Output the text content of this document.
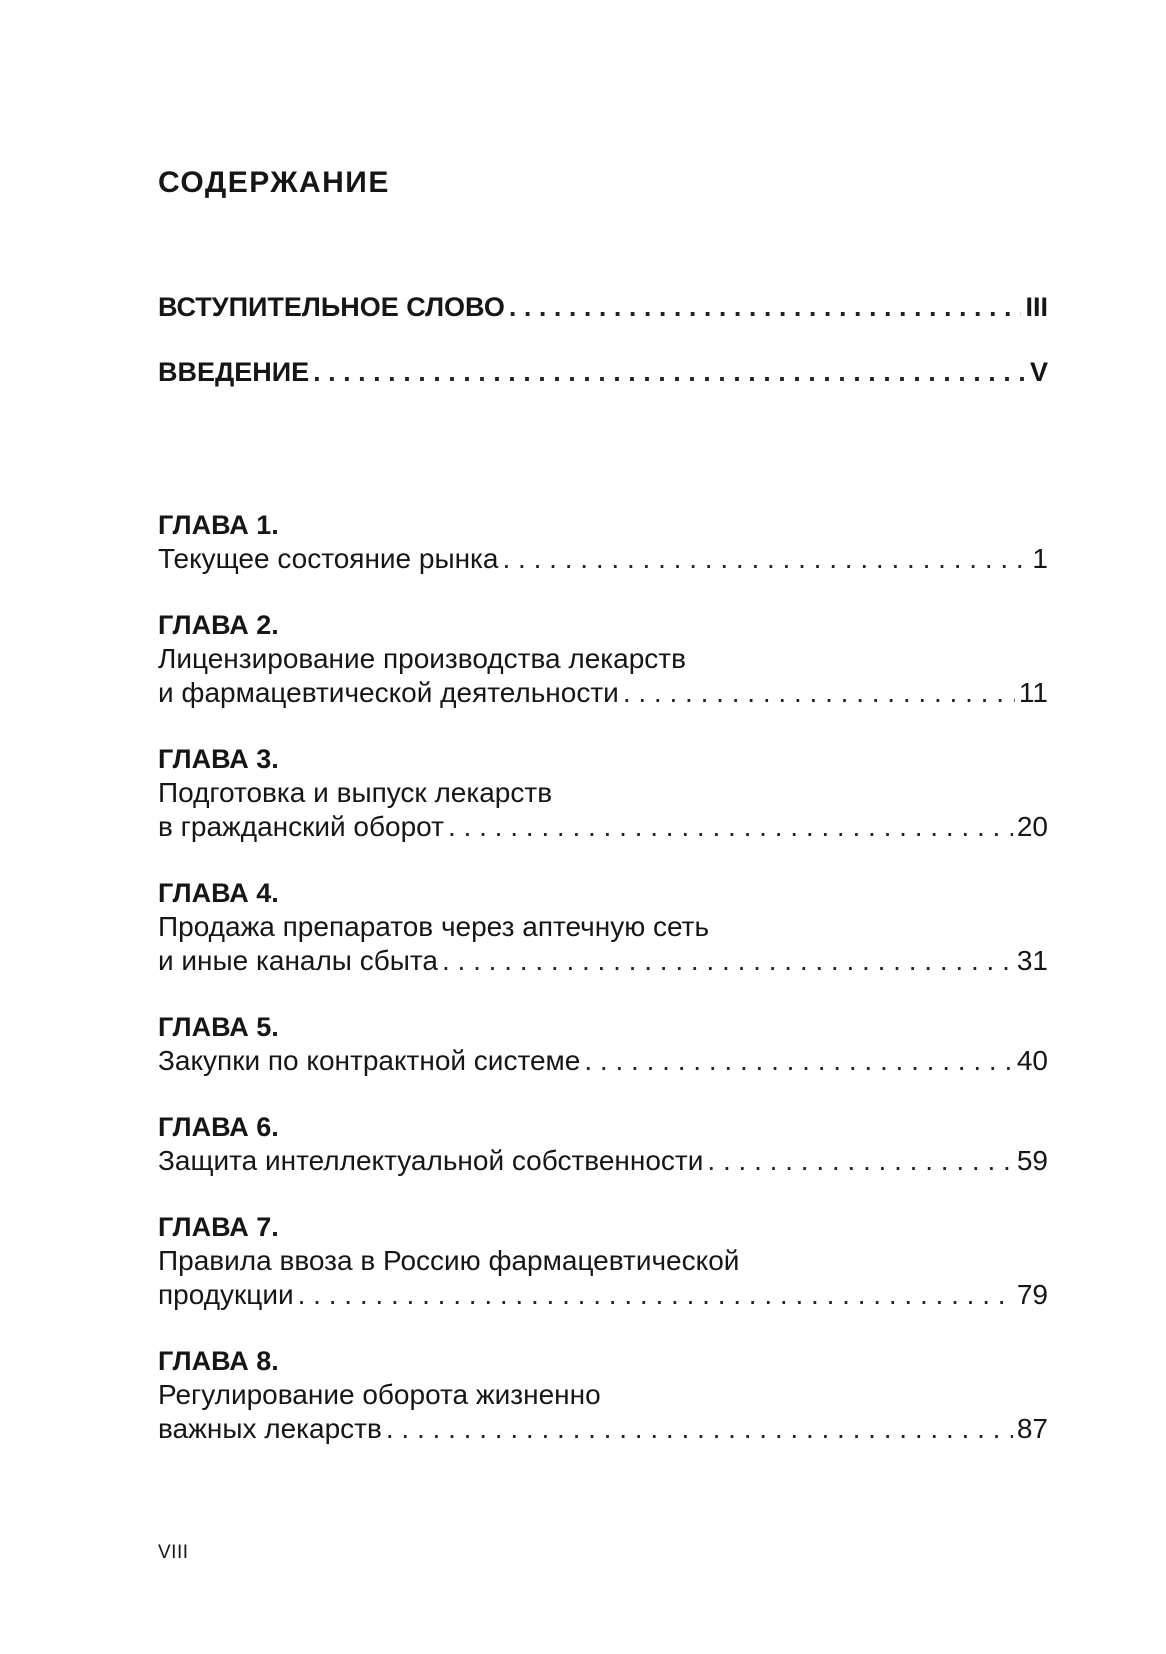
СОДЕРЖАНИЕ
ВСТУПИТЕЛЬНОЕ СЛОВО . . .	III
ВВЕДЕНИЕ . . .	V
ГЛАВА 1.
Текущее состояние рынка . . .	1
ГЛАВА 2.
Лицензирование производства лекарств
и фармацевтической деятельности . . .	11
ГЛАВА 3.
Подготовка и выпуск лекарств
в гражданский оборот . . .	20
ГЛАВА 4.
Продажа препаратов через аптечную сеть
и иные каналы сбыта . . .	31
ГЛАВА 5.
Закупки по контрактной системе . . .	40
ГЛАВА 6.
Защита интеллектуальной собственности . . .	59
ГЛАВА 7.
Правила ввоза в Россию фармацевтической
продукции . . .	79
ГЛАВА 8.
Регулирование оборота жизненно
важных лекарств . . .	87
VIII
